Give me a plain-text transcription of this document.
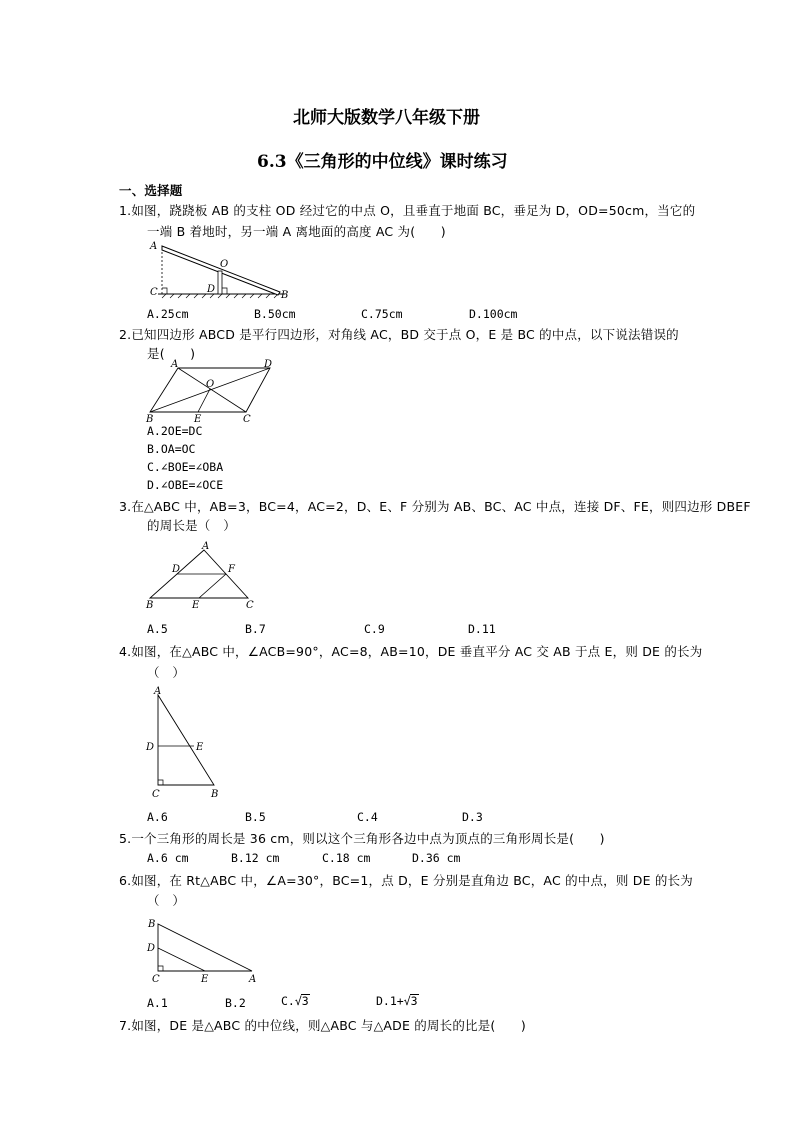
北师大版数学八年级下册
6.3《三角形的中位线》课时练习
一、选择题
1.如图，跷跷板 AB 的支柱 OD 经过它的中点 O，且垂直于地面 BC，垂足为 D，OD=50cm，当它的
一端 B 着地时，另一端 A 离地面的高度 AC 为(　　)
A
O
C	D
B
A.25cm	B.50cm	C.75cm	D.100cm
2.已知四边形 ABCD 是平行四边形，对角线 AC，BD 交于点 O，E 是 BC 的中点，以下说法错误的
是(　　)
A	D
O
B	E	C
A.2OE=DC
B.OA=OC
C.∠BOE=∠OBA
D.∠OBE=∠OCE
3.在△ABC 中，AB=3，BC=4，AC=2，D、E、F 分别为 AB、BC、AC 中点，连接 DF、FE，则四边形 DBEF
的周长是（　）
A
D	F
B	E	C
A.5	B.7	C.9	D.11
4.如图，在△ABC 中，∠ACB=90°，AC=8，AB=10，DE 垂直平分 AC 交 AB 于点 E，则 DE 的长为
（　）
A
D	E
C	B
A.6	B.5	C.4	D.3
5.一个三角形的周长是 36 cm，则以这个三角形各边中点为顶点的三角形周长是(　　)
A.6 cm	B.12 cm	C.18 cm	D.36 cm
6.如图，在 Rt△ABC 中，∠A=30°，BC=1，点 D，E 分别是直角边 BC，AC 的中点，则 DE 的长为
（　）
B
D
C	E	A
A.1	B.2	C.√3	D.1+√3
7.如图，DE 是△ABC 的中位线，则△ABC 与△ADE 的周长的比是(　　)
